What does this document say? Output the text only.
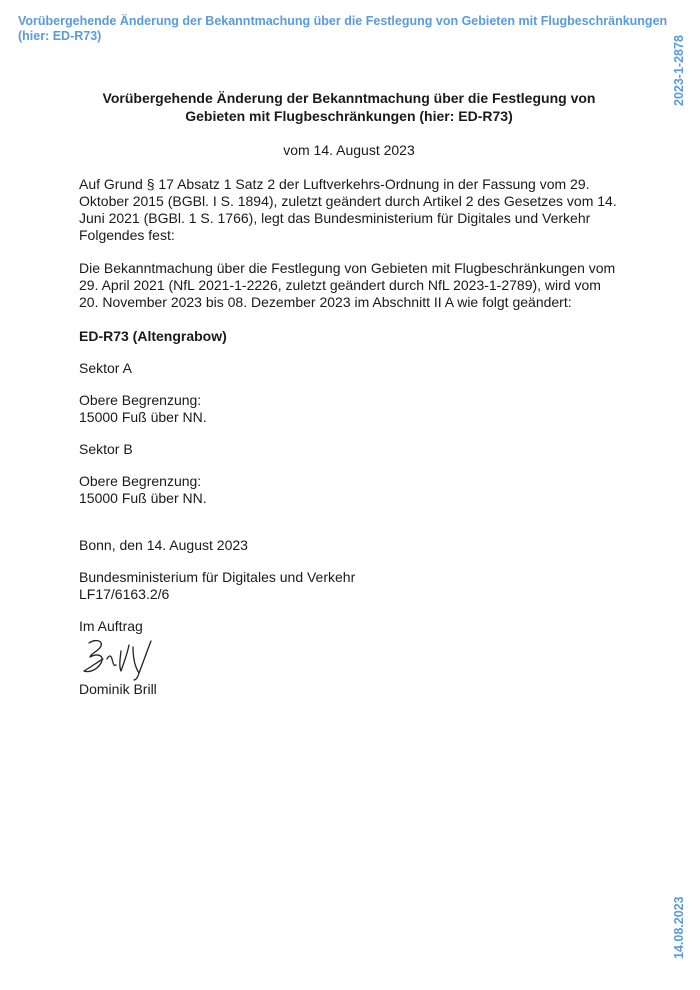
Vorübergehende Änderung der Bekanntmachung über die Festlegung von Gebieten mit Flugbeschränkungen (hier: ED-R73)	2023-1-2878
14.08.2023

Vorübergehende Änderung der Bekanntmachung über die Festlegung von Gebieten mit Flugbeschränkungen (hier: ED-R73)

vom 14. August 2023

Auf Grund § 17 Absatz 1 Satz 2 der Luftverkehrs-Ordnung in der Fassung vom 29. Oktober 2015 (BGBl. I S. 1894), zuletzt geändert durch Artikel 2 des Gesetzes vom 14. Juni 2021 (BGBl. 1 S. 1766), legt das Bundesministerium für Digitales und Verkehr Folgendes fest:

Die Bekanntmachung über die Festlegung von Gebieten mit Flugbeschränkungen vom 29. April 2021 (NfL 2021-1-2226, zuletzt geändert durch NfL 2023-1-2789), wird vom 20. November 2023 bis 08. Dezember 2023 im Abschnitt II A wie folgt geändert:

ED-R73 (Altengrabow)

Sektor A

Obere Begrenzung:

15000 Fuß über NN.

Sektor B

Obere Begrenzung:

15000 Fuß über NN.

Bonn, den 14. August 2023

Bundesministerium für Digitales und Verkehr

LF17/6163.2/6

Im Auftrag

Dominik Brill
